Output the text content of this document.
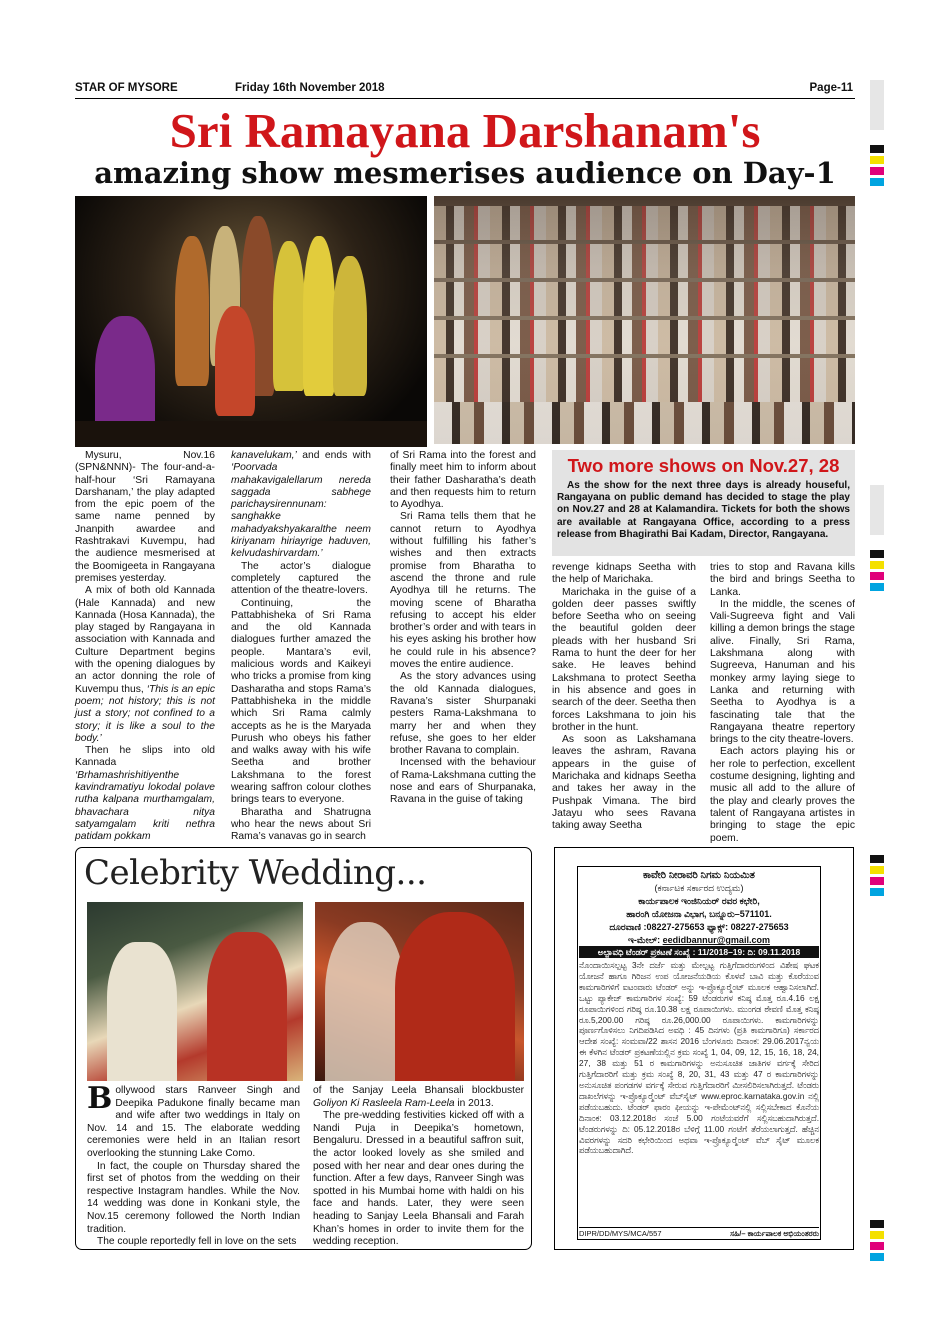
STAR OF MYSORE	Friday 16th November 2018	Page-11
Sri Ramayana Darshanam's
amazing show mesmerises audience on Day-1

Mysuru, Nov.16 (SPN&NNN)- The four-and-a-half-hour ‘Sri Ramayana Darshanam,’ the play adapted from the epic poem of the same name penned by Jnanpith awardee and Rashtrakavi Kuvempu, had the audience mesmerised at the Boomigeeta in Rangayana premises yesterday.

A mix of both old Kannada (Hale Kannada) and new Kannada (Hosa Kannada), the play staged by Rangayana in association with Kannada and Culture Department begins with the opening dialogues by an actor donning the role of Kuvempu thus, ‘This is an epic poem; not history; this is not just a story; not confined to a story; it is like a soul to the body.’

Then he slips into old Kannada ‘Brhamashrishitiyenthe kavindramatiyu lokodal polave rutha kalpana murthamgalam, bhavachara nitya satyamgalam kriti nethra patidam pokkam

kanavelukam,’ and ends with ‘Poorvada mahakavigalellarum nereda saggada sabhege parichaysirennunam: sanghakke mahadyakshyakaralthe neem kiriyanam hiriayrige haduven, kelvudashirvardam.’

The actor’s dialogue completely captured the attention of the theatre-lovers.

Continuing, the Pattabhisheka of Sri Rama and the old Kannada dialogues further amazed the people. Mantara’s evil, malicious words and Kaikeyi who tricks a promise from king Dasharatha and stops Rama’s Pattabhisheka in the middle which Sri Rama calmly accepts as he is the Maryada Purush who obeys his father and walks away with his wife Seetha and brother Lakshmana to the forest wearing saffron colour clothes brings tears to everyone.

Bharatha and Shatrugna who hear the news about Sri Rama’s vanavas go in search

of Sri Rama into the forest and finally meet him to inform about their father Dasharatha’s death and then requests him to return to Ayodhya.

Sri Rama tells them that he cannot return to Ayodhya without fulfilling his father’s wishes and then extracts promise from Bharatha to ascend the throne and rule Ayodhya till he returns. The moving scene of Bharatha refusing to accept his elder brother’s order and with tears in his eyes asking his brother how he could rule in his absence? moves the entire audience.

As the story advances using the old Kannada dialogues, Ravana’s sister Shurpanaki pesters Rama-Lakshmana to marry her and when they refuse, she goes to her elder brother Ravana to complain.

Incensed with the behaviour of Rama-Lakshmana cutting the nose and ears of Shurpanaka, Ravana in the guise of taking

Two more shows on Nov.27, 28
As the show for the next three days is already houseful, Rangayana on public demand has decided to stage the play on Nov.27 and 28 at Kalamandira. Tickets for both the shows are available at Rangayana Office, according to a press release from Bhagirathi Bai Kadam, Director, Rangayana.

revenge kidnaps Seetha with the help of Marichaka.

Marichaka in the guise of a golden deer passes swiftly before Seetha who on seeing the beautiful golden deer pleads with her husband Sri Rama to hunt the deer for her sake. He leaves behind Lakshmana to protect Seetha in his absence and goes in search of the deer. Seetha then forces Lakshmana to join his brother in the hunt.

As soon as Lakshamana leaves the ashram, Ravana appears in the guise of Marichaka and kidnaps Seetha and takes her away in the Pushpak Vimana. The bird Jatayu who sees Ravana taking away Seetha

tries to stop and Ravana kills the bird and brings Seetha to Lanka.

In the middle, the scenes of Vali-Sugreeva fight and Vali killing a demon brings the stage alive. Finally, Sri Rama, Lakshmana along with Sugreeva, Hanuman and his monkey army laying siege to Lanka and returning with Seetha to Ayodhya is a fascinating tale that the Rangayana theatre repertory brings to the city theatre-lovers.

Each actors playing his or her role to perfection, excellent costume designing, lighting and music all add to the allure of the play and clearly proves the talent of Rangayana artistes in bringing to stage the epic poem.

Celebrity Wedding...

Bollywood stars Ranveer Singh and Deepika Padukone finally became man and wife after two weddings in Italy on Nov. 14 and 15. The elaborate wedding ceremonies were held in an Italian resort overlooking the stunning Lake Como.

In fact, the couple on Thursday shared the first set of photos from the wedding on their respective Instagram handles. While the Nov. 14 wedding was done in Konkani style, the Nov.15 ceremony followed the North Indian tradition.

The couple reportedly fell in love on the sets

of the Sanjay Leela Bhansali blockbuster Goliyon Ki Rasleela Ram-Leela in 2013.

The pre-wedding festivities kicked off with a Nandi Puja in Deepika’s hometown, Bengaluru. Dressed in a beautiful saffron suit, the actor looked lovely as she smiled and posed with her near and dear ones during the function. After a few days, Ranveer Singh was spotted in his Mumbai home with haldi on his face and hands. Later, they were seen heading to Sanjay Leela Bhansali and Farah Khan’s homes in order to invite them for the wedding reception.

ಕಾವೇರಿ ನೀರಾವರಿ ನಿಗಮ ನಿಯಮಿತ
(ಕರ್ನಾಟಕ ಸರ್ಕಾರದ ಉದ್ಯಮ)
ಕಾರ್ಯಪಾಲಕ ಇಂಜಿನಿಯರ್ ರವರ ಕಛೇರಿ,
ಹಾರಂಗಿ ಯೋಜನಾ ವಿಭಾಗ, ಬನ್ನೂರು–571101.
ದೂರವಾಣಿ :08227-275653 ಫ್ಯಾಕ್ಸ್: 08227-275653
ಇ-ಮೇಲ್: eedidbannur@gmail.com
ಅಲ್ಪಾವಧಿ ಟೆಂಡರ್ ಪ್ರಕಟಣೆ ಸಂಖ್ಯೆ : 11/2018–19: ದಿ: 09.11.2018
ನೊಂದಾಯಿಸಲ್ಪಟ್ಟ 3ನೇ ದರ್ಜೆ ಮತ್ತು ಮೇಲ್ಪಟ್ಟ ಗುತ್ತಿಗೆದಾರರುಗಳಿಂದ ವಿಶೇಷ ಘಟಕ ಯೋಜನೆ ಹಾಗೂ ಗಿರಿಜನ ಉಪ ಯೋಜನೆಯಡಿಯ ಕೊಳವೆ ಬಾವಿ ಮತ್ತು ಕೊರೆಯುವ ಕಾಮಗಾರಿಗಳಿಗೆ ಐಟಂವಾರು ಟೆಂಡರ್ ಅನ್ನು ಇ-ಪ್ರೊಕ್ಯೂರ್‍ಮೆಂಟ್ ಮೂಲಕ ಆಹ್ವಾನಿಸಲಾಗಿದೆ. ಒಟ್ಟು ಪ್ಯಾಕೇಜ್ ಕಾಮಗಾರಿಗಳ ಸಂಖ್ಯೆ: 59 ಟೆಂಡರುಗಳ ಕನಿಷ್ಠ ಮೊತ್ತ ರೂ.4.16 ಲಕ್ಷ ರೂಪಾಯಿಗಳಿಂದ ಗರಿಷ್ಠ ರೂ.10.38 ಲಕ್ಷ ರೂಪಾಯಿಗಳು. ಮುಂಗಡ ಠೇವಣಿ ಮೊತ್ತ ಕನಿಷ್ಠ ರೂ.5,200.00 ಗರಿಷ್ಠ ರೂ.26,000.00 ರೂಪಾಯಿಗಳು. ಕಾಮಗಾರಿಗಳನ್ನು ಪೂರ್ಣಗೊಳಿಸಲು ನಿಗದಿಪಡಿಸಿದ ಅವಧಿ : 45 ದಿನಗಳು (ಪ್ರತಿ ಕಾಮಗಾರಿಗೂ) ಸರ್ಕಾರದ ಆದೇಶ ಸಂಖ್ಯೆ: ಸಂಮವಾ/22 ಶಾಸನ 2016 ಬೆಂಗಳೂರು ದಿನಾಂಕ: 29.06.2017ನ್ವಯ ಈ ಕೆಳಗಿನ ಟೆಂಡರ್ ಪ್ರಕಟಣೆಯಲ್ಲಿನ ಕ್ರಮ ಸಂಖ್ಯೆ 1, 04, 09, 12, 15, 16, 18, 24, 27, 38 ಮತ್ತು 51 ರ ಕಾಮಗಾರಿಗಳನ್ನು ಅನುಸೂಚಿತ ಜಾತಿಗಳ ವರ್ಗಕ್ಕೆ ಸೇರಿದ ಗುತ್ತಿಗೆದಾರರಿಗೆ ಮತ್ತು ಕ್ರಮ ಸಂಖ್ಯೆ 8, 20, 31, 43 ಮತ್ತು 47 ರ ಕಾಮಗಾರಿಗಳನ್ನು ಅನುಸೂಚಿತ ಪಂಗಡಗಳ ವರ್ಗಕ್ಕೆ ಸೇರುವ ಗುತ್ತಿಗೆದಾರರಿಗೆ ಮೀಸಲಿರಿಸಲಾಗಿರುತ್ತದೆ. ಟೆಂಡರು ದಾಖಲೆಗಳನ್ನು ಇ-ಪ್ರೊಕ್ಯೂರ್‍ಮೆಂಟ್ ವೆಬ್‍ಸೈಟ್ www.eproc.karnataka.gov.in ನಲ್ಲಿ ಪಡೆಯಬಹುದು. ಟೆಂಡರ್ ಫಾರಂ ಫೀಯನ್ನು ಇ-ಪೇಮೆಂಟ್‍ನಲ್ಲಿ ಸಲ್ಲಿಸಬೇಕಾದ ಕೊನೆಯ ದಿನಾಂಕ: 03.12.2018ರ ಸಂಜೆ 5.00 ಗಂಟೆಯವರೆಗೆ ಸಲ್ಲಿಸಬಹುದಾಗಿರುತ್ತದೆ. ಟೆಂಡರುಗಳನ್ನು ದಿ: 05.12.2018ರ ಬೆಳಿಗ್ಗೆ 11.00 ಗಂಟೆಗೆ ತೆರೆಯಲಾಗುತ್ತದೆ. ಹೆಚ್ಚಿನ ವಿವರಗಳನ್ನು ಸದರಿ ಕಛೇರಿಯಿಂದ ಅಥವಾ ಇ-ಪ್ರೊಕ್ಯೂರ್‍ಮೆಂಟ್ ವೆಬ್ ಸೈಟ್ ಮೂಲಕ ಪಡೆಯಬಹುದಾಗಿದೆ.
DIPR/DD/MYS/MCA/557	ಸಹಿ/– ಕಾರ್ಯಪಾಲಕ ಅಭಿಯಂತರರು
